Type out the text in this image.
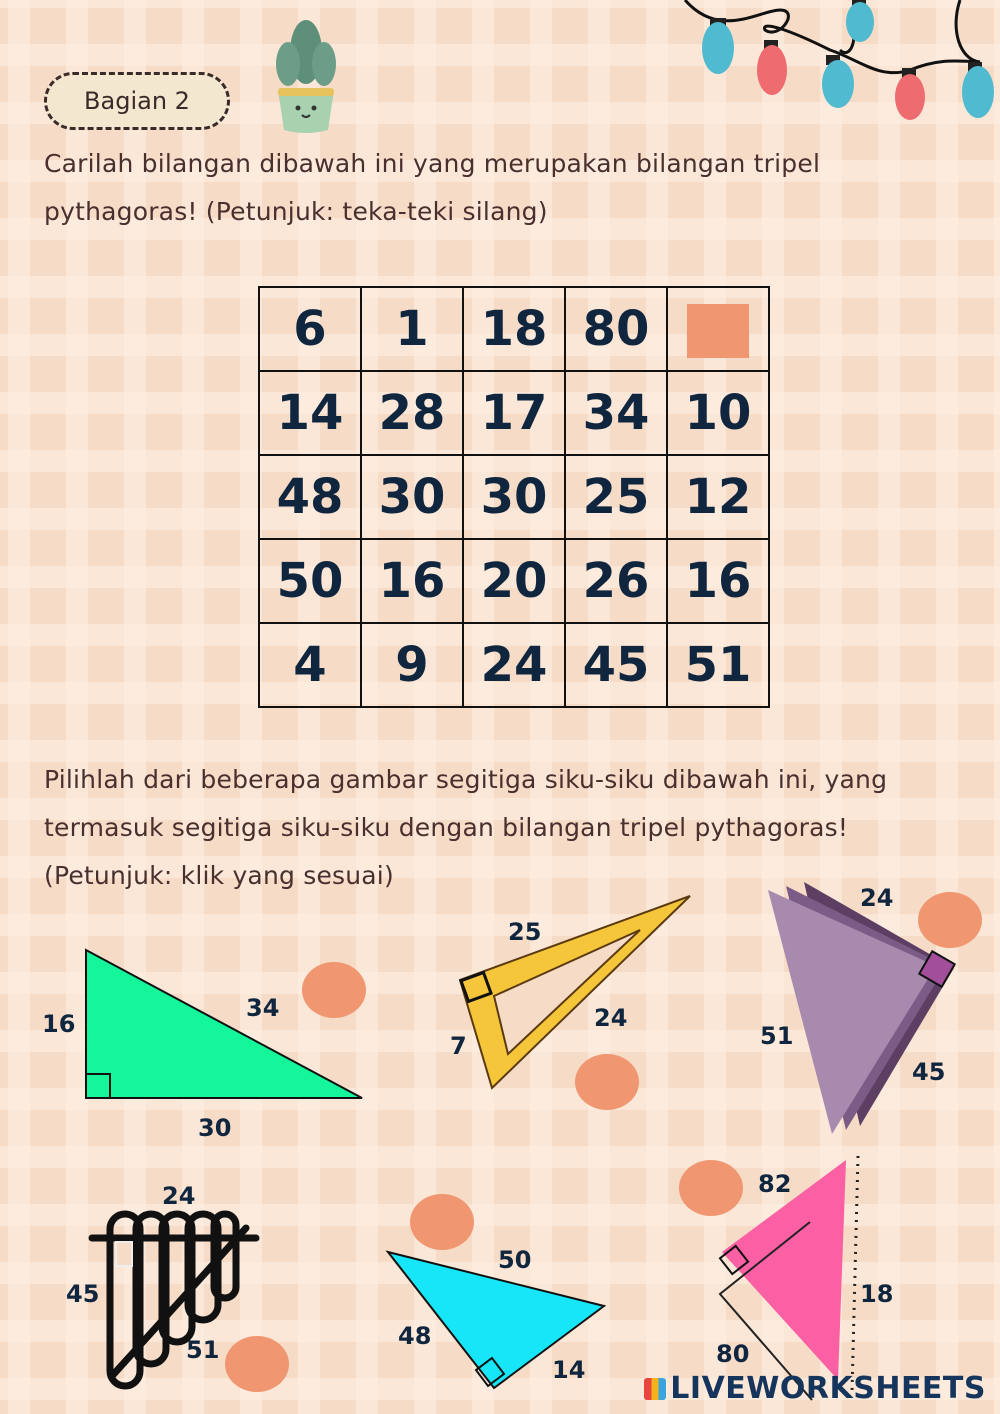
Bagian 2
Carilah bilangan dibawah ini yang merupakan bilangan tripel pythagoras! (Petunjuk: teka-teki silang)
6	1	18	80	
14	28	17	34	10
48	30	30	25	12
50	16	20	26	16
4	9	24	45	51
Pilihlah dari beberapa gambar segitiga siku-siku dibawah ini, yang termasuk segitiga siku-siku dengan bilangan tripel pythagoras! (Petunjuk: klik yang sesuai)
16
30
34
25
24
7
24
51
45
24
45
51
50
48
14
82
18
80
LIVEWORKSHEETS
